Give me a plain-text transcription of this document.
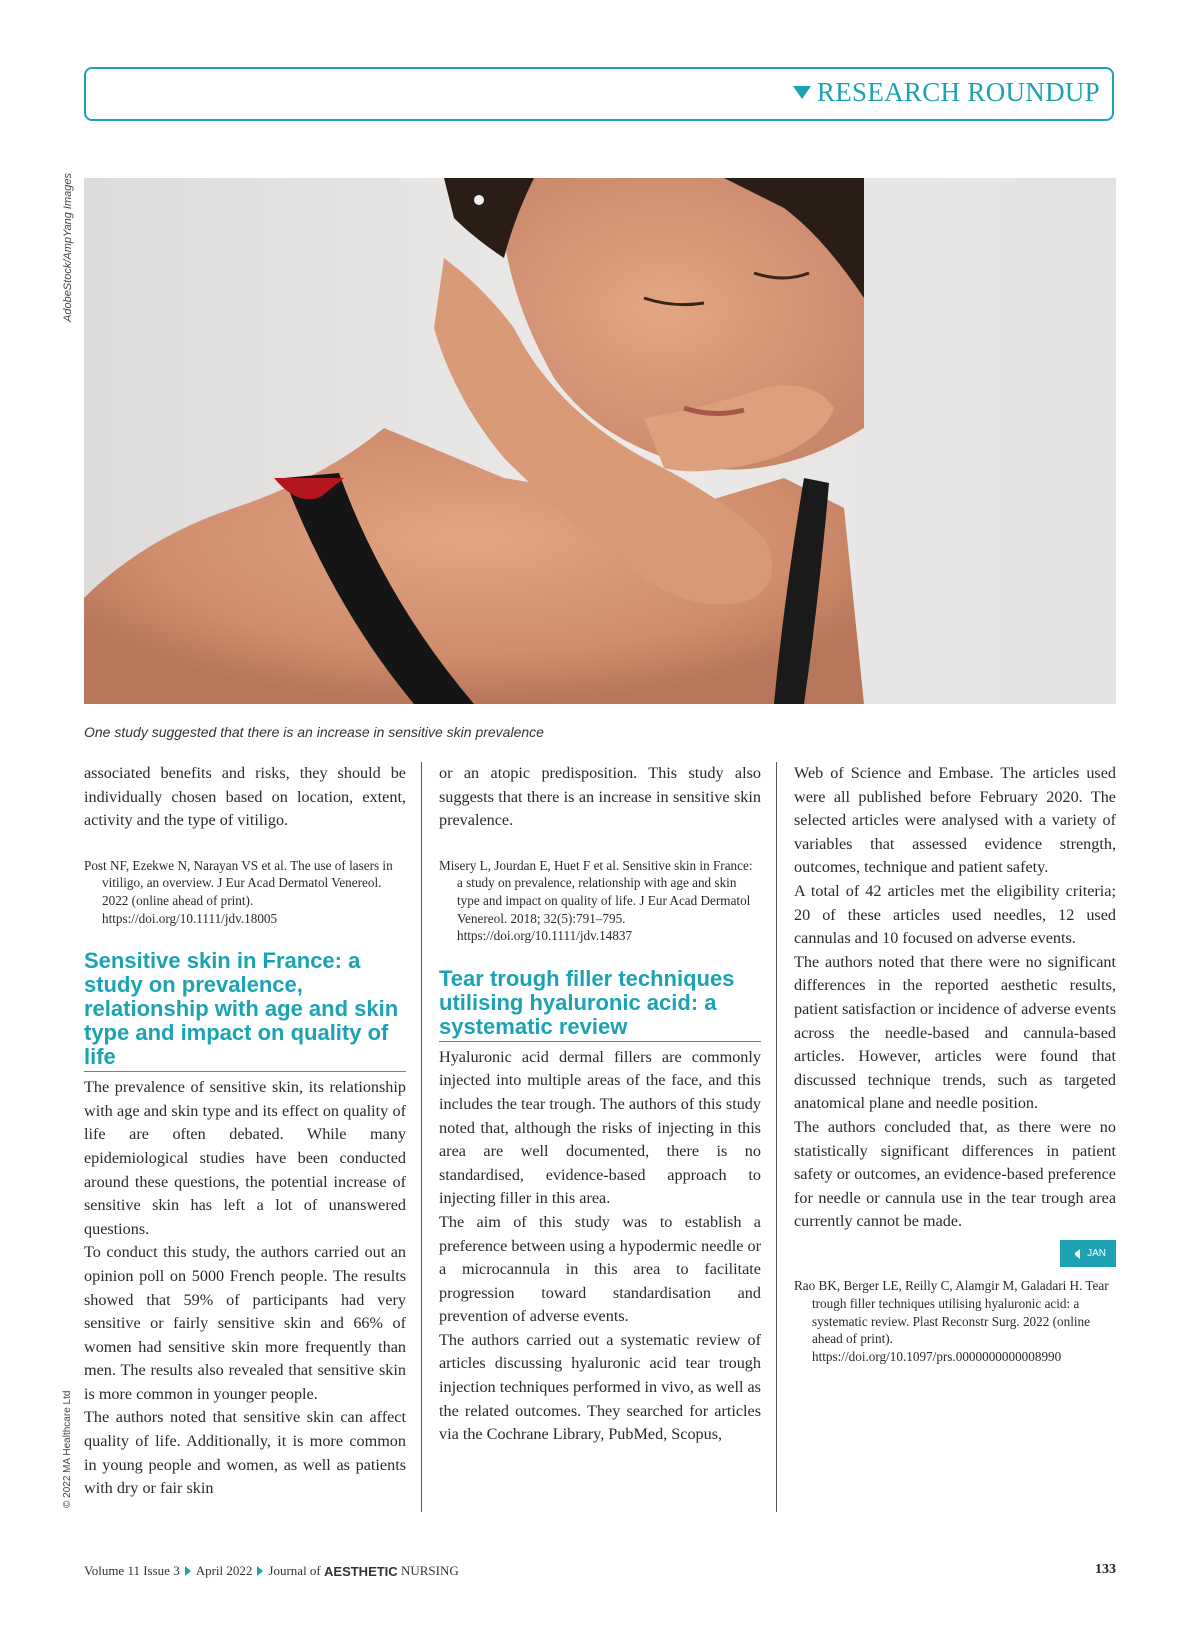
RESEARCH ROUNDUP
AdobeStock/AmpYang Images
One study suggested that there is an increase in sensitive skin prevalence

associated benefits and risks, they should be individually chosen based on location, extent, activity and the type of vitiligo.

Post NF, Ezekwe N, Narayan VS et al. The use of lasers in vitiligo, an overview. J Eur Acad Dermatol Venereol. 2022 (online ahead of print). https://doi.org/10.1111/jdv.18005

Sensitive skin in France: a study on prevalence, relationship with age and skin type and impact on quality of life

The prevalence of sensitive skin, its relationship with age and skin type and its effect on quality of life are often debated. While many epidemiological studies have been conducted around these questions, the potential increase of sensitive skin has left a lot of unanswered questions.

To conduct this study, the authors carried out an opinion poll on 5000 French people. The results showed that 59% of participants had very sensitive or fairly sensitive skin and 66% of women had sensitive skin more frequently than men. The results also revealed that sensitive skin is more common in younger people.

The authors noted that sensitive skin can affect quality of life. Additionally, it is more common in young people and women, as well as patients with dry or fair skin

or an atopic predisposition. This study also suggests that there is an increase in sensitive skin prevalence.

Misery L, Jourdan E, Huet F et al. Sensitive skin in France: a study on prevalence, relationship with age and skin type and impact on quality of life. J Eur Acad Dermatol Venereol. 2018; 32(5):791–795. https://doi.org/10.1111/jdv.14837

Tear trough filler techniques utilising hyaluronic acid: a systematic review

Hyaluronic acid dermal fillers are commonly injected into multiple areas of the face, and this includes the tear trough. The authors of this study noted that, although the risks of injecting in this area are well documented, there is no standardised, evidence-based approach to injecting filler in this area.

The aim of this study was to establish a preference between using a hypodermic needle or a microcannula in this area to facilitate progression toward standardisation and prevention of adverse events.

The authors carried out a systematic review of articles discussing hyaluronic acid tear trough injection techniques performed in vivo, as well as the related outcomes. They searched for articles via the Cochrane Library, PubMed, Scopus,

Web of Science and Embase. The articles used were all published before February 2020. The selected articles were analysed with a variety of variables that assessed evidence strength, outcomes, technique and patient safety.

A total of 42 articles met the eligibility criteria; 20 of these articles used needles, 12 used cannulas and 10 focused on adverse events.

The authors noted that there were no significant differences in the reported aesthetic results, patient satisfaction or incidence of adverse events across the needle-based and cannula-based articles. However, articles were found that discussed technique trends, such as targeted anatomical plane and needle position.

The authors concluded that, as there were no statistically significant differences in patient safety or outcomes, an evidence-based preference for needle or cannula use in the tear trough area currently cannot be made.

JAN

Rao BK, Berger LE, Reilly C, Alamgir M, Galadari H. Tear trough filler techniques utilising hyaluronic acid: a systematic review. Plast Reconstr Surg. 2022 (online ahead of print). https://doi.org/10.1097/prs.0000000000008990

© 2022 MA Healthcare Ltd
Volume 11 Issue 3 April 2022 Journal of
AESTHETIC
NURSING	133
